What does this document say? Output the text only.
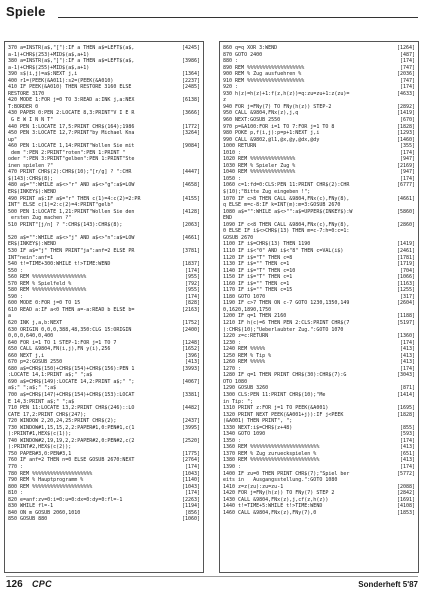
Spiele
370 a=INSTR(a$,"["):IF a THEN a$=LEFT$(a$,	[4245]
a-1)+CHR$(253)+MID$(a$,a+1)
380 a=INSTR(a$,"]"):IF a THEN a$=LEFT$(a$,	[3986]
a-1)+CHR$(255)+MID$(a$,a+1)
390 s$(i,j)=a$:NEXT j,i	[1364]
400 r1=(PEEK(&A011):s2=(PEEK(&A010)	[2237]
410 IF PEEK(&A010) THEN RESTORE 3160 ELSE	[2485]
RESTORE 3170
420 MODE 1:FOR j=0 TO 3:READ a:INK j,a:NEX	[6138]
T:BORDER 0
430 PAPER 0:PEN 2:LOCATE 8,3:PRINT"V I E R	[3666]
G E W I N N T"
440 PEN 1:LOCATE 17,5:PRINT CHR$(164);1986	[1772]
450 PEN 3:LOCATE 12,7:PRINT"by Michael Kna	[3264]
up"
460 PEN 1:LOCATE 1,14:PRINT"Wollen Sie mit	[9084]
dem ":PEN 2:PRINT"roten":PEN 1:PRINT "
oder ":PEN 3:PRINT"gelben":PEN 1:PRINT"Ste
inen spielen ?"
470 PRINT CHR$(2):CHR$(10);"[r/g] ? ":CHR	[4447]
$(143):CHR$(8);
480 a$="":WHILE a$<>"r" AND a$<>"g":a$=LOW	[4658]
ER$(INKEY$):WEND
490 PRINT a$:IF a$="r" THEN c(1)=4:c(2)=2:PR	[4155]
INT" ELSE c(1)=2:c(2)=4:PRINT"gelb"
500 PEN 1:LOCATE 1,21:PRINT"Wollen Sie den	[4128]
ersten Zug machen ?"
510 PRINT"[j/n] ? ":CHR$(143):CHR$(8);	[2063]
520 a$="":WHILE a$<>"j" AND a$<>"n":a$=LOW	[4661]
ER$(INKEY$):WEND
530 IF a$="j" THEN PRINT"ja":anf=2 ELSE PR	[3781]
INT"nein":anf=1
540 t!=TIME+300:WHILE t!>TIME:WEND	[1837]
550 :	[174]
560 REM %%%%%%%%%%%%%%%%%%	[955]
570 REM % Spielfeld %	[792]
580 REM %%%%%%%%%%%%%%%%%%	[955]
590 :	[174]
600 MODE 0:FOR j=0 TO 15	[828]
610 READ a:IF a<0 THEN a=-a:READ b ELSE b=	[2163]
a
620 INK j,a,b:NEXT	[1752]
630 ORIGIN 0,0,0,388,48,350:CLG 15:ORIGIN	[2400]
0,0,0,640,0,400
640 FOR i=1 TO 1 STEP-1:FOR j=1 TO 7	[1248]
650 CALL &9804,FN(i,j),FN y(i),256	[1652]
660 NEXT j,i	[396]
670 p=2:GOSUB 2550	[413]
680 a$=CHR$(150)+CHR$(154)+CHR$(156):PEN 1	[3993]
:LOCATE 14,1:PRINT a$;" ";a$
690 a$=CHR$(149):LOCATE 14,2:PRINT a$;" ";	[4067]
a$;" ";a$;" ";a$
700 a$=CHR$(147)+CHR$(154)+CHR$(153):LOCAT	[3381]
E 14,3:PRINT a$;" ";a$
710 PEN 11:LOCATE 13,2:PRINT CHR$(246)::LO	[4482]
CATE 17,2:PRINT CHR$(247);
720 WINDOW 2,20,24,25:PRINT CHR$(2);	[2437]
730 WINDOW#1,15,15,2,2:PAPER#1,0:PEN#1,c(1	[3995]
):PRINT#1,HEX$(c(1));
740 WINDOW#2,19,19,2,2:PAPER#2,0:PEN#2,c(2	[2520]
):PRINT#2,HEX$(c(2));
750 PAPER#3,0:PEN#3,1	[1775]
760 IF anf=2 THEN n=0 ELSE GOSUB 2670:NEXT	[2764]
770 :	[174]
780 REM %%%%%%%%%%%%%%%%%%%%	[1043]
790 REM % Hauptprogramm %	[1140]
800 REM %%%%%%%%%%%%%%%%%%%%	[1043]
810 :	[174]
820 e=anf:zv=0:i=0:u=0:dx=0:dy=0:fl=-1	[2263]
830 WHILE fl=-1	[1194]
840 ON m GOSUB 2060,1010	[856]
850 GOSUB 880	[1060]
860 q=q XOR 3:WEND	[1264]
870 GOTO 2400	[487]
880 :	[174]
890 REM %%%%%%%%%%%%%%%%%%%	[747]
900 REM % Zug ausfuehren %	[2036]
910 REM %%%%%%%%%%%%%%%%%%%	[747]
920 :	[174]
930 h(z)=h(z)+1:f(z,h(z))=q:zu=zu+1:z(zu)=	[4633]
z
940 FOR j=FNy(7) TO FNy(h(z)) STEP-2	[2892]
950 CALL &9804,FNx(z),j,q	[1419]
960 NEXT:GOSUB 2550	[670]
970 p=&A100:FOR i=1 TO 7:FOR j=1 TO 8	[1828]
980 POKE p,f(i,j):p=p+1:NEXT j,i	[1293]
990 CALL &9802,@l1,@x,@y,@dx,@dy	[1460]
1000 RETURN	[355]
1010 :	[174]
1020 REM %%%%%%%%%%%%%%%	[947]
1030 REM % Spieler Zug %	[2169]
1040 REM %%%%%%%%%%%%%%%	[947]
1050 :	[174]
1060 c=1:fd=0:CLS:PEN 11:PRINT CHR$(2):CHR	[6777]
$(10);"Bitte Zug eingeben !";
1070 IF c>8 THEN CALL &9804,FNx(c),FNy(8),	[4661]
q ELSE m=c-8:IF k=INT(m):m=3:GOSUB 2670
1080 a$="":WHILE a$<>"":a$=UPPER$(INKEY$):W	[5860]
END
1090 IF c<8 THEN CALL &9804,FNx(c),FNy(8),	[2860]
0 ELSE IF i$<>CHR$(13) THEN m=c-7:h=0:c=1:
GOSUB 2670
1100 IF i$=CHR$(13) THEN 1190	[1419]
1110 IF i$<"0" AND i$<"8" THEN c=VAL(i$)	[2461]
1120 IF i$="T" THEN c=8	[1781]
1130 IF i$="" THEN c=1	[1719]
1140 IF i$="T" THEN c=10	[704]
1150 IF i$="T" THEN c=1	[1066]
1160 IF i$="" THEN c=1	[1163]
1170 IF i$="" THEN c=15	[1255]
1180 GOTO 1070	[317]
1190 IF c>7 THEN ON c-7 GOTO 1230,1350,149	[2604]
0,1620,1890,1750
1200 IF q=1 THEN 2160	[1188]
1210 IF h(c)=6 THEN PEN 2:CLS:PRINT CHR$(7	[5197]
):CHR$(10);"Ueberlaubter Zug.":GOTO 1070
1220 z=c:RETURN	[1360]
1230 :	[174]
1240 REM %%%%%	[413]
1250 REM % Tip %	[413]
1260 REM %%%%%	[413]
1270 :	[174]
1280 IF q=1 THEN PRINT CHR$(30):CHR$(7):G	[3043]
OTO 1080
1290 GOSUB 3260	[871]
1300 CLS:PEN 11:PRINT CHR$(10);"Me	[1414]
in Tip: ";
1310 PRINT z:FOR j=1 TO PEEK(&A001)	[1695]
1320 PRINT NEXT PEEK(&A001+j)):IF j<PEEK	[1828]
(&A001) THEN PRINT", ";
1330 NEXT:i$=CHR$(z+48)	[855]
1340 GOTO 1090	[593]
1350 :	[174]
1360 REM %%%%%%%%%%%%%%%%%%%%%%%	[413]
1370 REM % Zug zurueckspielen %	[651]
1380 REM %%%%%%%%%%%%%%%%%%%%%%%	[413]
1390 :	[174]
1400 IF zu=0 THEN PRINT CHR$(7);"Spiel ber	[5772]
eits in   Ausgangsstellung.":GOTO 1080
1410 z=z(zu):zu=zu-1	[2088]
1420 FOR j=FNy(h(z)) TO FNy(7) STEP 2	[2842]
1430 CALL &9804,FNx(z),j,cf(z,h(z))	[1691]
1440 t!=TIME+5:WHILE t!>TIME:WEND	[4108]
1460 CALL &9804,FNx(z),FNy(7),0	[1853]
126 CPC	Sonderheft 5'87
